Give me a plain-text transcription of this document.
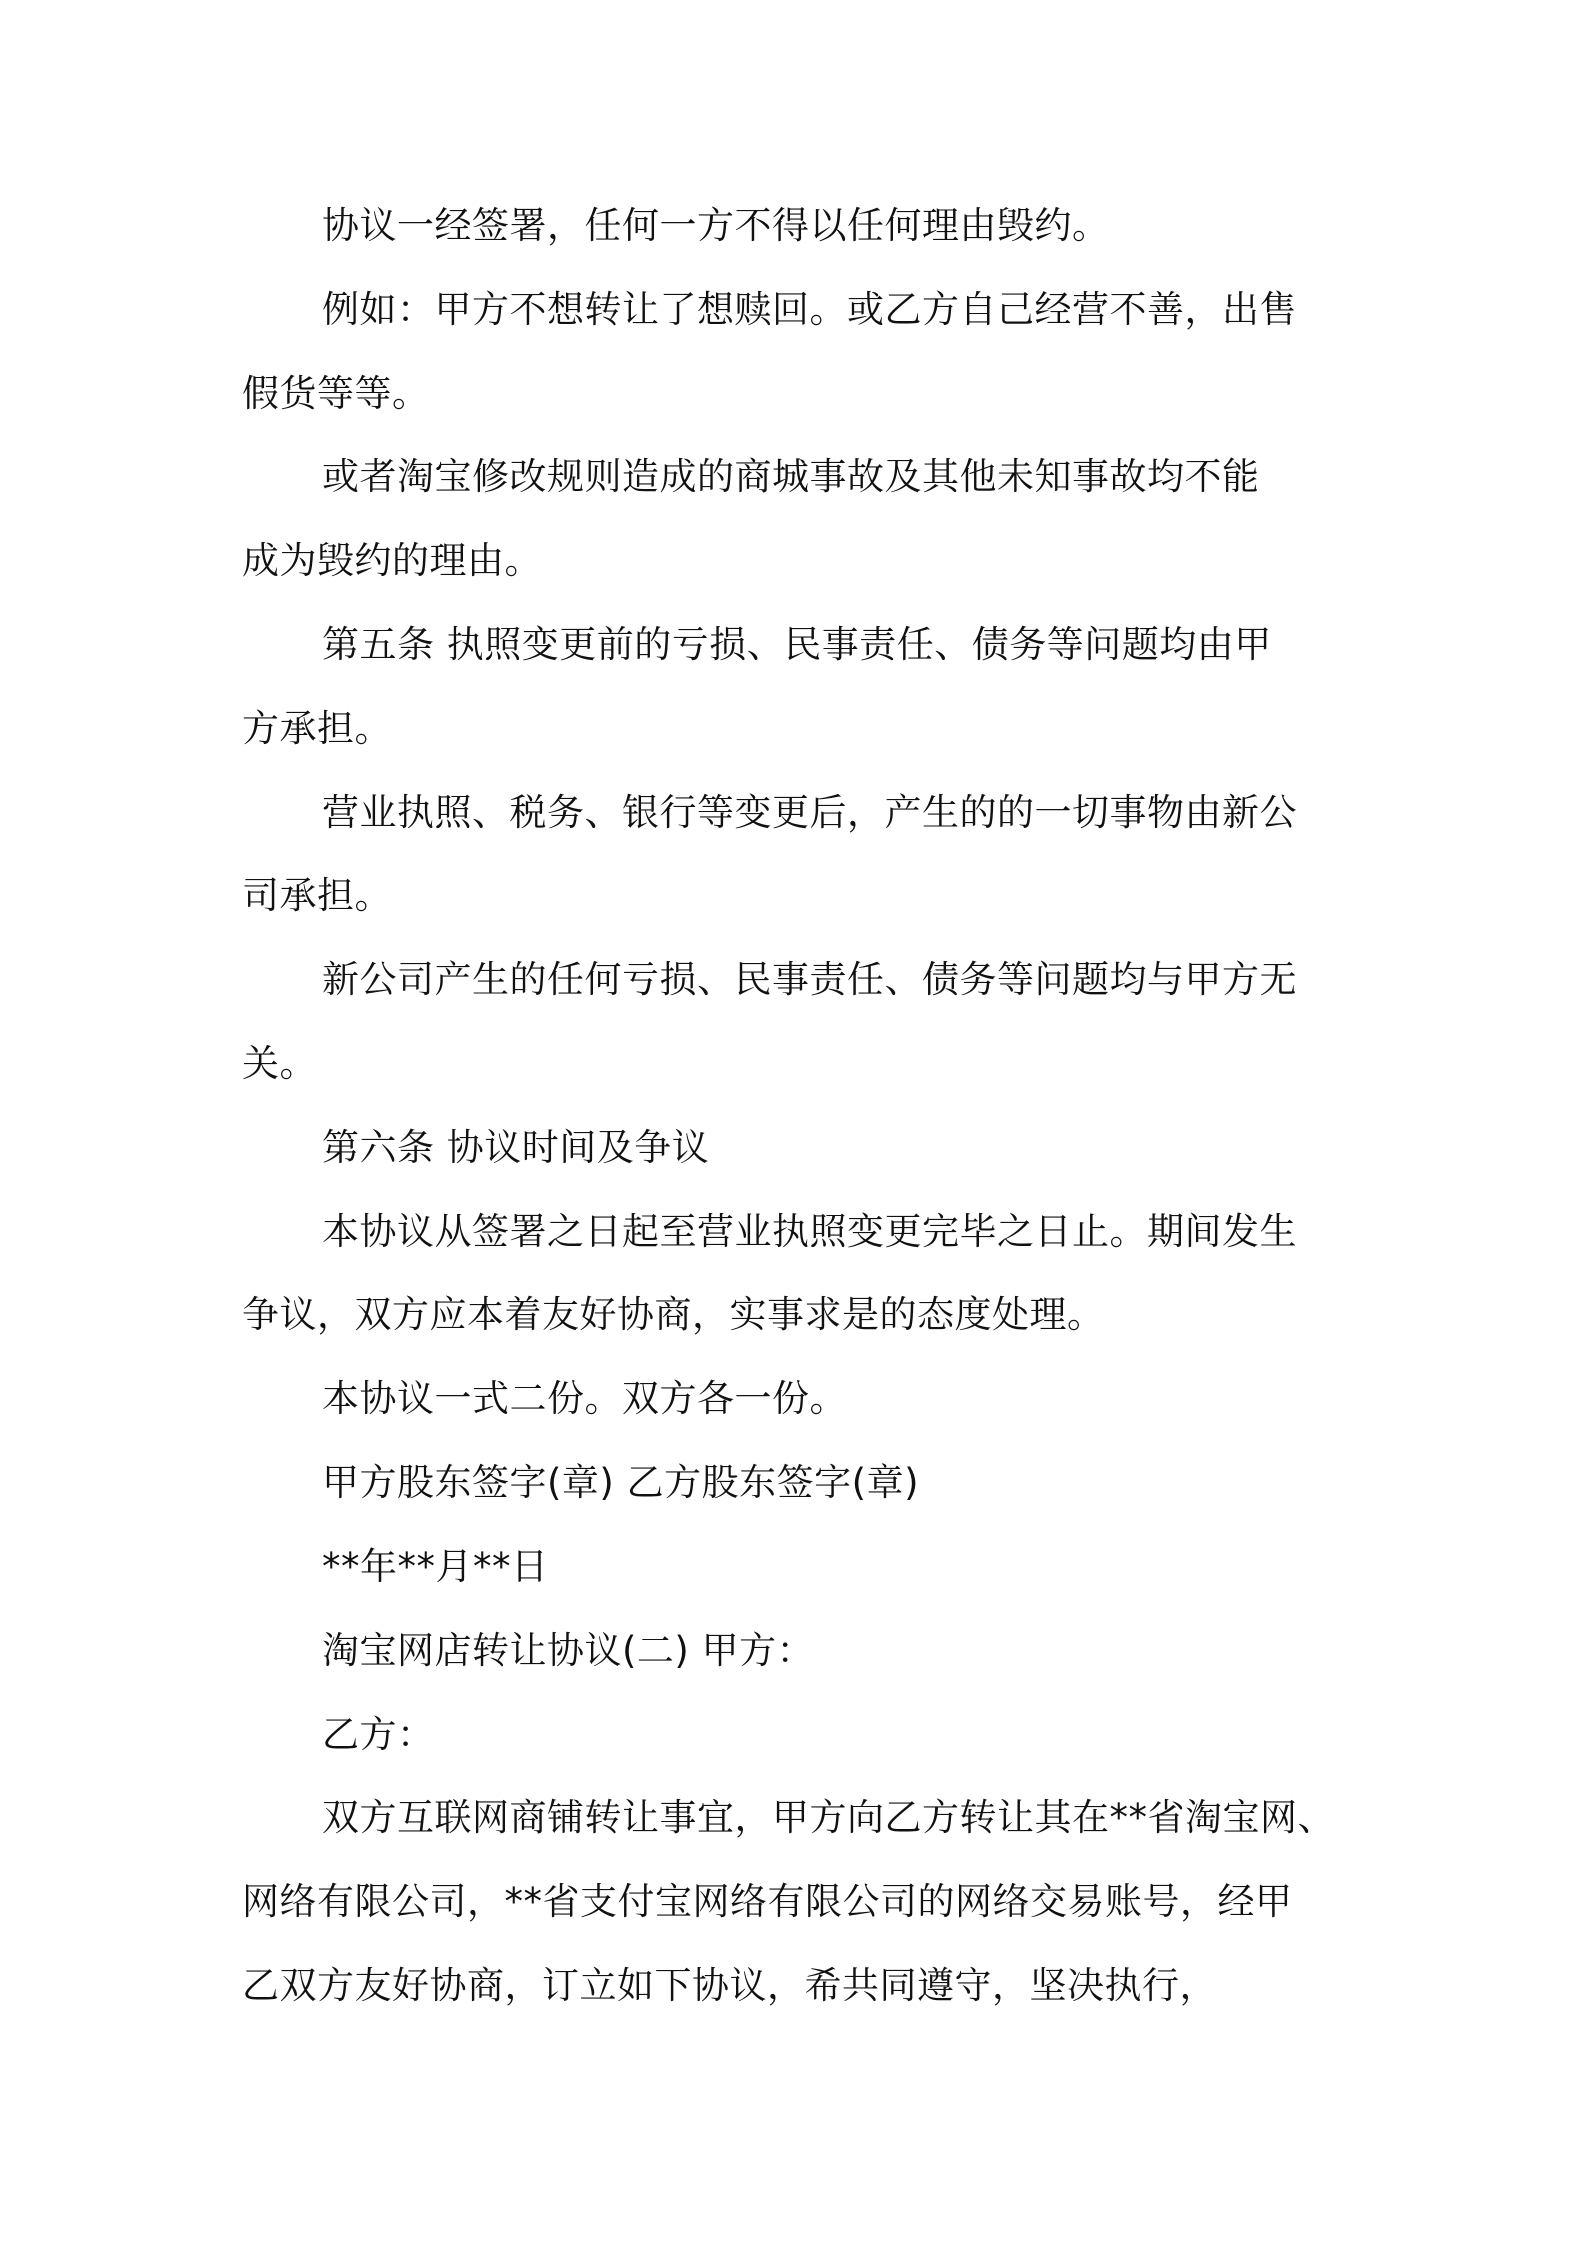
协议一经签署，任何一方不得以任何理由毁约。
例如：甲方不想转让了想赎回。或乙方自己经营不善，出售
假货等等。
或者淘宝修改规则造成的商城事故及其他未知事故均不能
成为毁约的理由。
第五条 执照变更前的亏损、民事责任、债务等问题均由甲
方承担。
营业执照、税务、银行等变更后，产生的的一切事物由新公
司承担。
新公司产生的任何亏损、民事责任、债务等问题均与甲方无
关。
第六条 协议时间及争议
本协议从签署之日起至营业执照变更完毕之日止。期间发生
争议，双方应本着友好协商，实事求是的态度处理。
本协议一式二份。双方各一份。
甲方股东签字(章) 乙方股东签字(章)
**年**月**日
淘宝网店转让协议(二) 甲方：
乙方：
双方互联网商铺转让事宜，甲方向乙方转让其在**省淘宝网、
网络有限公司，**省支付宝网络有限公司的网络交易账号，经甲
乙双方友好协商，订立如下协议，希共同遵守，坚决执行，
